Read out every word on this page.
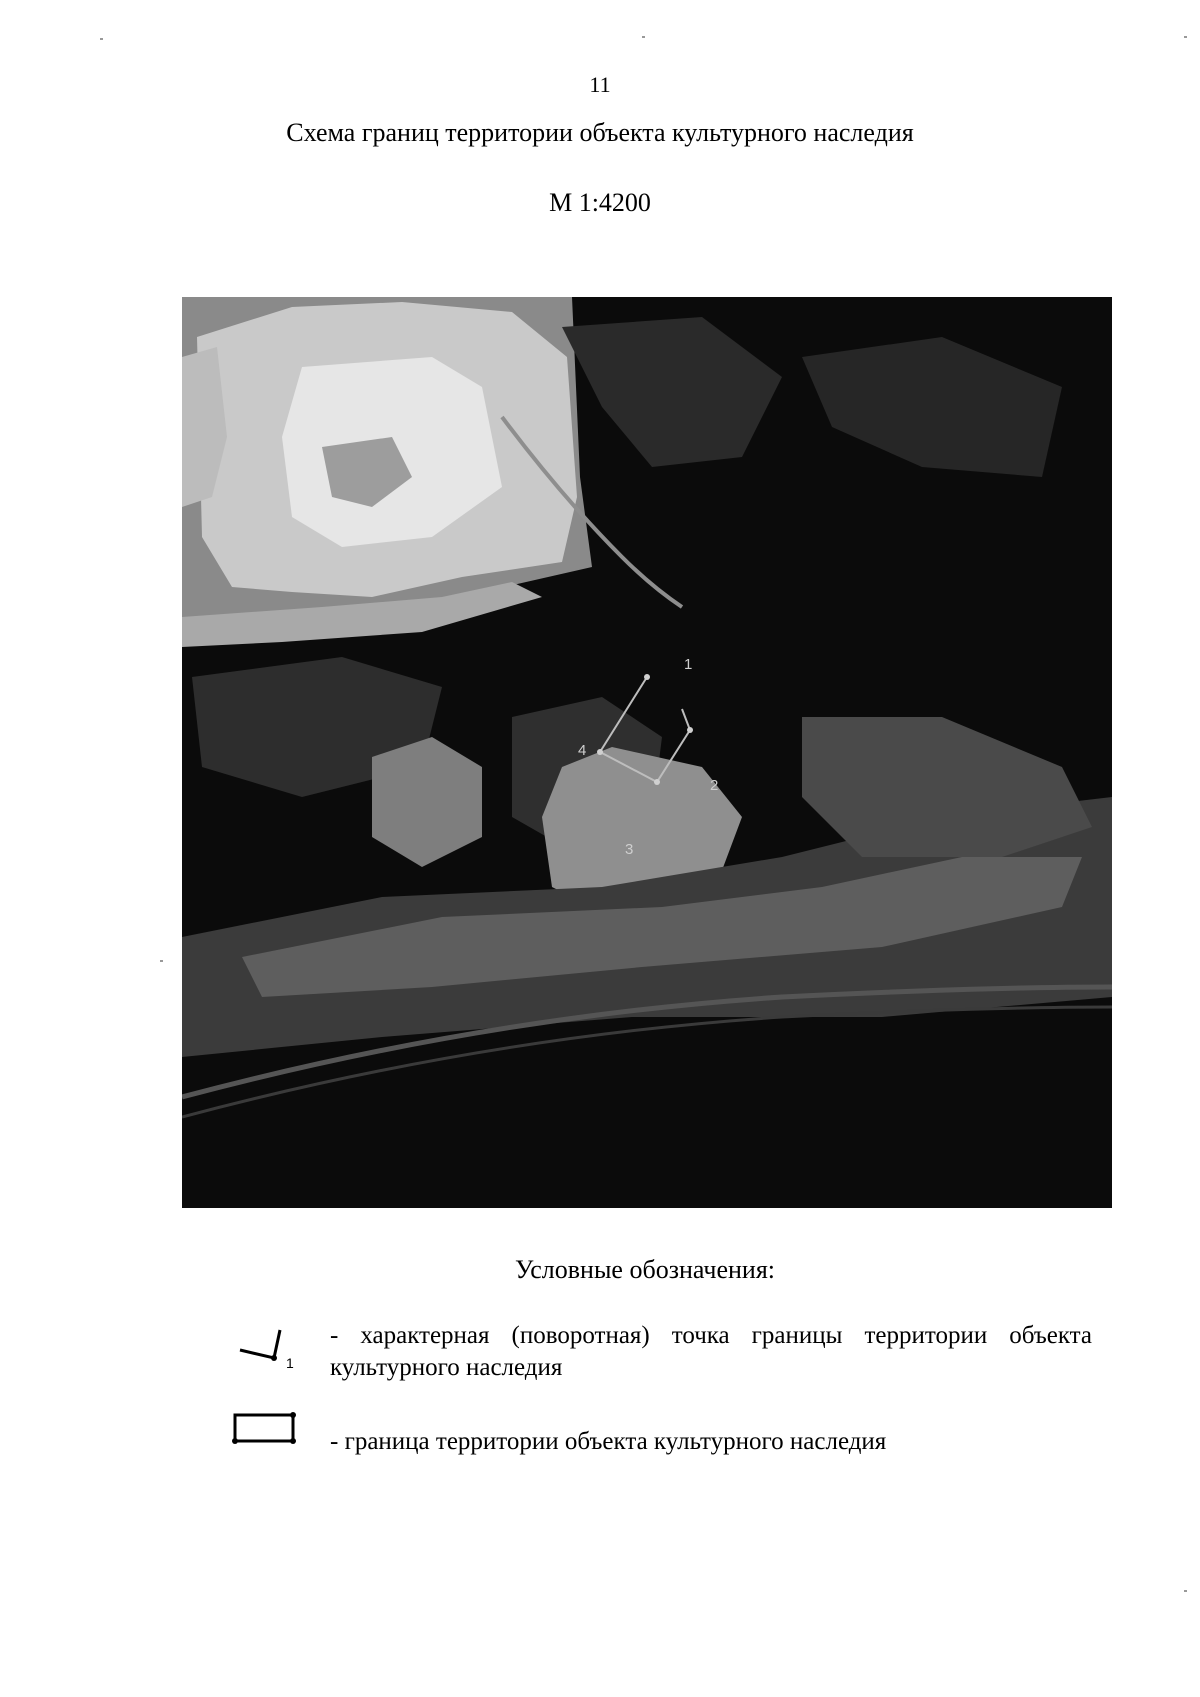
11
Схема границ территории объекта культурного наследия
М 1:4200
1
2
3
4
Условные обозначения:
1
- характерная (поворотная) точка границы территории объекта культурного наследия
- граница территории объекта культурного наследия
